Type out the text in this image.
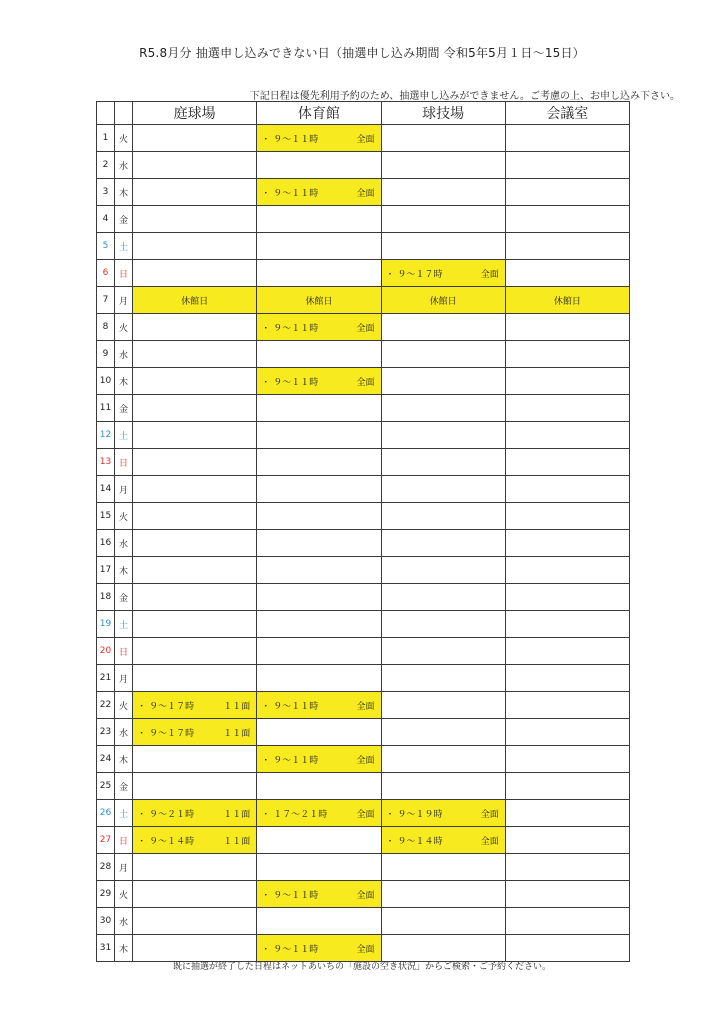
R5.8月分 抽選申し込みできない日（抽選申し込み期間 令和5年5月１日〜15日）
下記日程は優先利用予約のため、抽選申し込みができません。ご考慮の上、お申し込み下さい。
		庭球場	体育館	球技場	会議室
1	火		・ ９〜１１時 全面		

2	水				
3	木		・ ９〜１１時 全面		

4	金				
5	土				
6	日			・ ９〜１７時 全面	

7	月	休館日	休館日	休館日	休館日
8	火		・ ９〜１１時 全面		

9	水				
10	木		・ ９〜１１時 全面		

11	金				
12	土				
13	日				
14	月				
15	火				
16	水				
17	木				
18	金				
19	土				
20	日				
21	月				
22	火	・ ９〜１７時 １１面	・ ９〜１１時 全面		

23	水	・ ９〜１７時 １１面			

24	木		・ ９〜１１時 全面		

25	金				
26	土	・ ９〜２１時 １１面	・ １７〜２１時 全面	・ ９〜１９時 全面	

27	日	・ ９〜１４時 １１面		・ ９〜１４時 全面	

28	月				
29	火		・ ９〜１１時 全面		

30	水				
31	木		・ ９〜１１時 全面		

既に抽選が終了した日程はネットあいちの「施設の空き状況」からご検索・ご予約ください。
